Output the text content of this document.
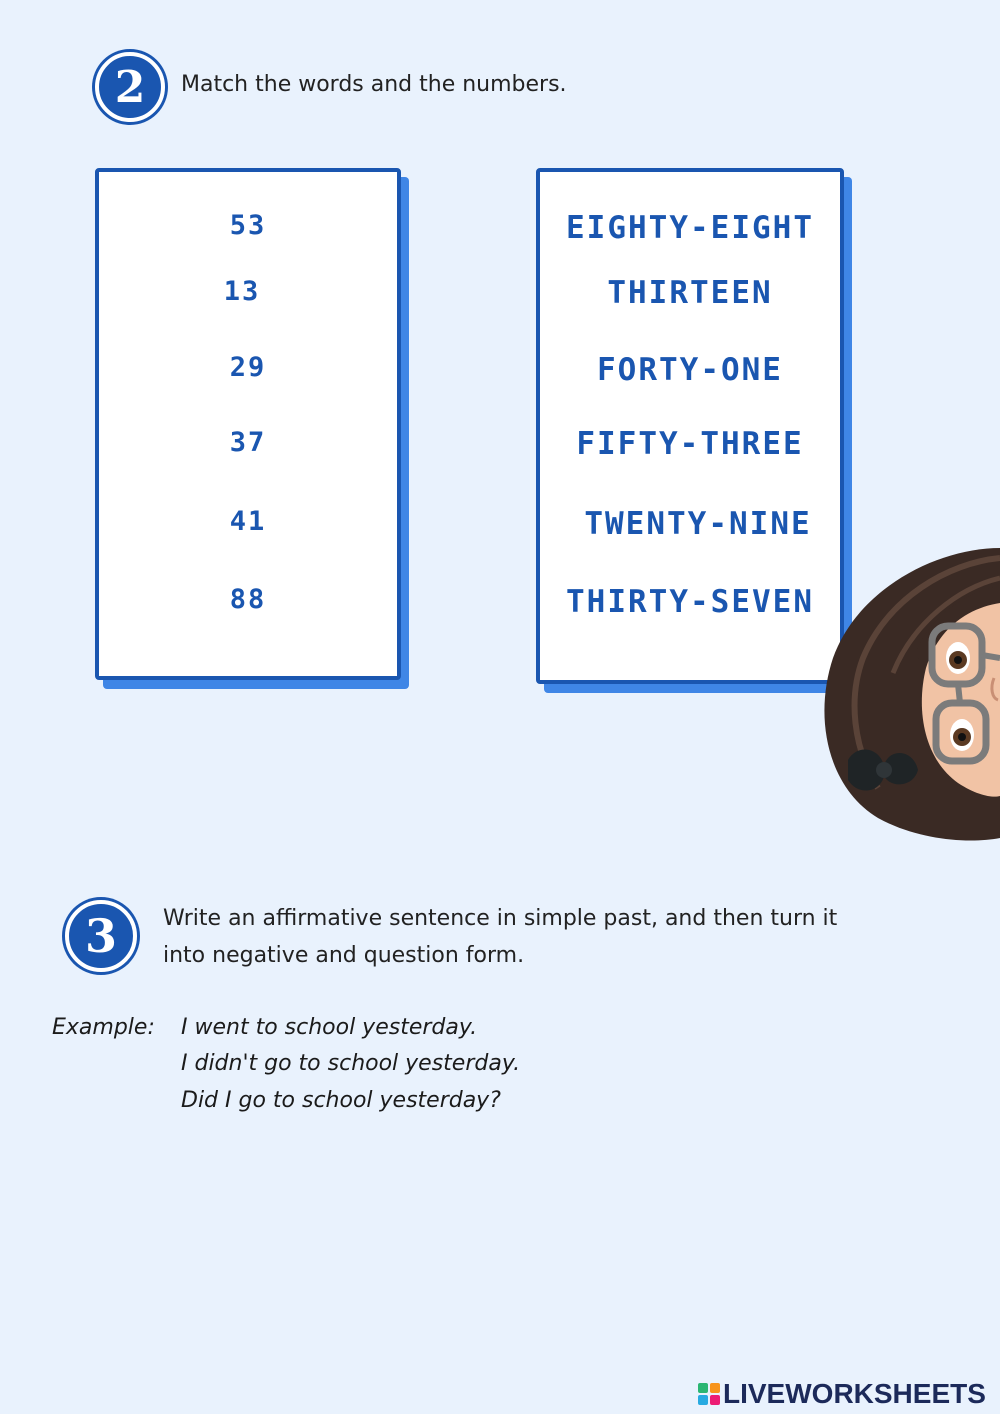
2 Match the words and the numbers.
53
13
29
37
41
88
EIGHTY-EIGHT
THIRTEEN
FORTY-ONE
FIFTY-THREE
TWENTY-NINE
THIRTY-SEVEN
3 Write an affirmative sentence in simple past, and then turn it
into negative and question form.
Example: I went to school yesterday.
I didn't go to school yesterday.
Did I go to school yesterday?
LIVEWORKSHEETS
